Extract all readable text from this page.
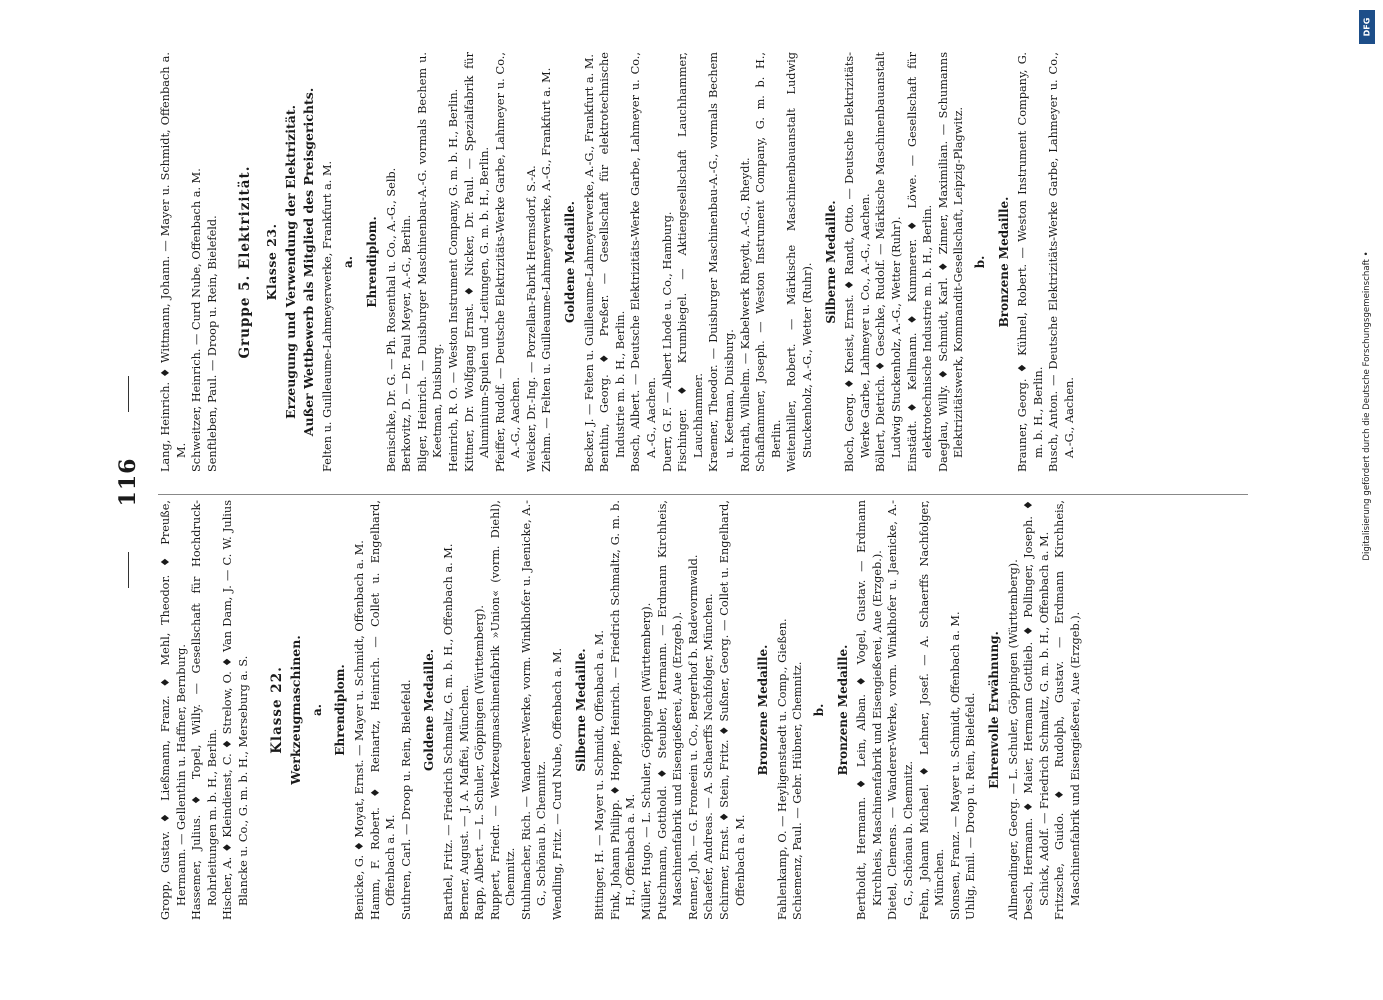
116
Gropp, Gustav. ♦ Ließmann, Franz. ♦ Mehl, Theodor. ♦ Preuße, Hermann. — Gellenthin u. Haffner, Bernburg. Hassemer, Julius. ♦ Topel, Willy. — Gesellschaft für Hochdruck-Rohrleitungen m. b. H., Berlin. Hischer, A. ♦ Kleindienst, C. ♦ Strelow, O. ♦ Van Dam, J. — C. W. Julius Blancke u. Co., G. m. b. H., Merseburg a. S. Klasse 22. Werkzeugmaschinen. a. Ehrendiplom. Benicke, G. ♦ Moyat, Ernst. — Mayer u. Schmidt, Offenbach a. M. Hamm, F. Robert. ♦ Reinartz, Heinrich. — Collet u. Engelhard, Offenbach a. M. Suthren, Carl. — Droop u. Rein, Bielefeld. Goldene Medaille. Barthel, Fritz. — Friedrich Schmaltz, G. m. b. H., Offenbach a. M. Berner, August. — J. A. Maffei, München. Rapp, Albert. — L. Schuler, Göppingen (Württemberg). Ruppert, Friedr. — Werkzeugmaschinenfabrik »Union« (vorm. Diehl), Chemnitz. Stuhlmacher, Rich. — Wanderer-Werke, vorm. Winklhofer u. Jaenicke, A.-G., Schönau b. Chemnitz. Wendling, Fritz. — Curd Nube, Offenbach a. M. Silberne Medaille. Bittinger, H. — Mayer u. Schmidt, Offenbach a. M. Fink, Johann Philipp. ♦ Hoppe, Heinrich. — Friedrich Schmaltz, G. m. b. H., Offenbach a. M. Müller, Hugo. — L. Schuler, Göppingen (Württemberg). Putschmann, Gotthold. ♦ Steubler, Hermann. — Erdmann Kirchheis, Maschinenfabrik und Eisengießerei, Aue (Erzgeb.). Renner, Joh. — G. Froneein u. Co., Bergerhof b. Radevormwald. Schaefer, Andreas. — A. Schaerffs Nachfolger, München. Schirmer, Ernst. ♦ Stein, Fritz. ♦ Sußner, Georg. — Collet u. Engelhard, Offenbach a. M.
Bronzene Medaille. Fahlenkamp, O. — Heyligenstaedt u. Comp., Gießen. Schiemenz, Paul. — Gebr. Hübner, Chemnitz. b. Bronzene Medaille. Bertholdt, Hermann. ♦ Lein, Alban. ♦ Vogel, Gustav. — Erdmann Kirchheis, Maschinenfabrik und Eisengießerei, Aue (Erzgeb.). Dietel, Clemens. — Wanderer-Werke, vorm. Winklhofer u. Jaenicke, A.-G., Schönau b. Chemnitz. Fehn, Johann Michael. ♦ Lehner, Josef. — A. Schaerffs Nachfolger, München. Slonsen, Franz. — Mayer u. Schmidt, Offenbach a. M. Uhlig, Emil. — Droop u. Rein, Bielefeld. Ehrenvolle Erwähnung. Allmendinger, Georg. — L. Schuler, Göppingen (Württemberg). Desch, Hermann. ♦ Maier, Hermann Gottlieb. ♦ Pollinger, Joseph. ♦ Schick, Adolf. — Friedrich Schmaltz, G. m. b. H., Offenbach a. M. Fritzsche, Guido. ♦ Rudolph, Gustav. — Erdmann Kirchheis, Maschinenfabrik und Eisengießerei, Aue (Erzgeb.).
Lang, Heinrich. ♦ Wittmann, Johann. — Mayer u. Schmidt, Offenbach a. M. Schweitzer, Heinrich. — Curd Nube, Offenbach a. M. Senftleben, Paul. — Droop u. Rein, Bielefeld. Gruppe 5. Elektrizität. Klasse 23. Erzeugung und Verwendung der Elektrizität. Außer Wettbewerb als Mitglied des Preisgerichts. Felten u. Guilleaume-Lahmeyerwerke, Frankfurt a. M. a. Ehrendiplom. Benischke, Dr. G. — Ph. Rosenthal u. Co., A.-G., Selb. Berkovitz, D. — Dr. Paul Meyer, A.-G., Berlin. Bilger, Heinrich. — Duisburger Maschinenbau-A.-G. vormals Bechem u. Keetman, Duisburg. Heinrich, R. O. — Weston Instrument Company, G. m. b. H., Berlin. Kittner, Dr. Wolfgang Ernst. ♦ Nicker, Dr. Paul. — Spezialfabrik für Aluminium-Spulen und -Leitungen, G. m. b. H., Berlin. Pfeiffer, Rudolf. — Deutsche Elektrizitäts-Werke Garbe, Lahmeyer u. Co., A.-G., Aachen. Weicker, Dr.-Ing. — Porzellan-Fabrik Hermsdorf, S.-A. Ziehm. — Felten u. Guilleaume-Lahmeyerwerke, A.-G., Frankfurt a. M. Goldene Medaille. Becker, J. — Felten u. Guilleaume-Lahmeyerwerke, A.-G., Frankfurt a. M. Benthin, Georg. ♦ Preßer. — Gesellschaft für elektrotechnische Industrie m. b. H., Berlin. Bosch, Albert. — Deutsche Elektrizitäts-Werke Garbe, Lahmeyer u. Co., A.-G., Aachen. Duerr, G. F. — Albert Lhode u. Co., Hamburg. Fischinger. ♦ Krumbiegel. — Aktiengesellschaft Lauchhammer, Lauchhammer. Kraemer, Theodor. — Duisburger Maschinenbau-A.-G., vormals Bechem u. Keetman, Duisburg. Rohrath, Wilhelm. — Kabelwerk Rheydt, A.-G., Rheydt. Schafhammer, Joseph. — Weston Instrument Company, G. m. b. H., Berlin. Weitenhiller, Robert. — Märkische Maschinenbauanstalt Ludwig Stuckenholz, A.-G., Wetter (Ruhr).
Silberne Medaille. Bloch, Georg. ♦ Kneist, Ernst. ♦ Randt, Otto. — Deutsche Elektrizitäts-Werke Garbe, Lahmeyer u. Co., A.-G., Aachen. Böllert, Dietrich. ♦ Geschke, Rudolf. — Märkische Maschinenbauanstalt Ludwig Stuckenholz, A.-G., Wetter (Ruhr). Einstädt. ♦ Kellmann. ♦ Kummerer. ♦ Löwe. — Gesellschaft für elektrotechnische Industrie m. b. H., Berlin. Daeglau, Willy. ♦ Schmidt, Karl. ♦ Zinner, Maximilian. — Schumanns Elektrizitätswerk, Kommandit-Gesellschaft, Leipzig-Plagwitz. b. Bronzene Medaille. Brauner, Georg. ♦ Kühnel, Robert. — Weston Instrument Company, G. m. b. H., Berlin. Busch, Anton. — Deutsche Elektrizitäts-Werke Garbe, Lahmeyer u. Co., A.-G., Aachen.
DFG
Digitalisierung gefördert durch die Deutsche Forschungsgemeinschaft •
